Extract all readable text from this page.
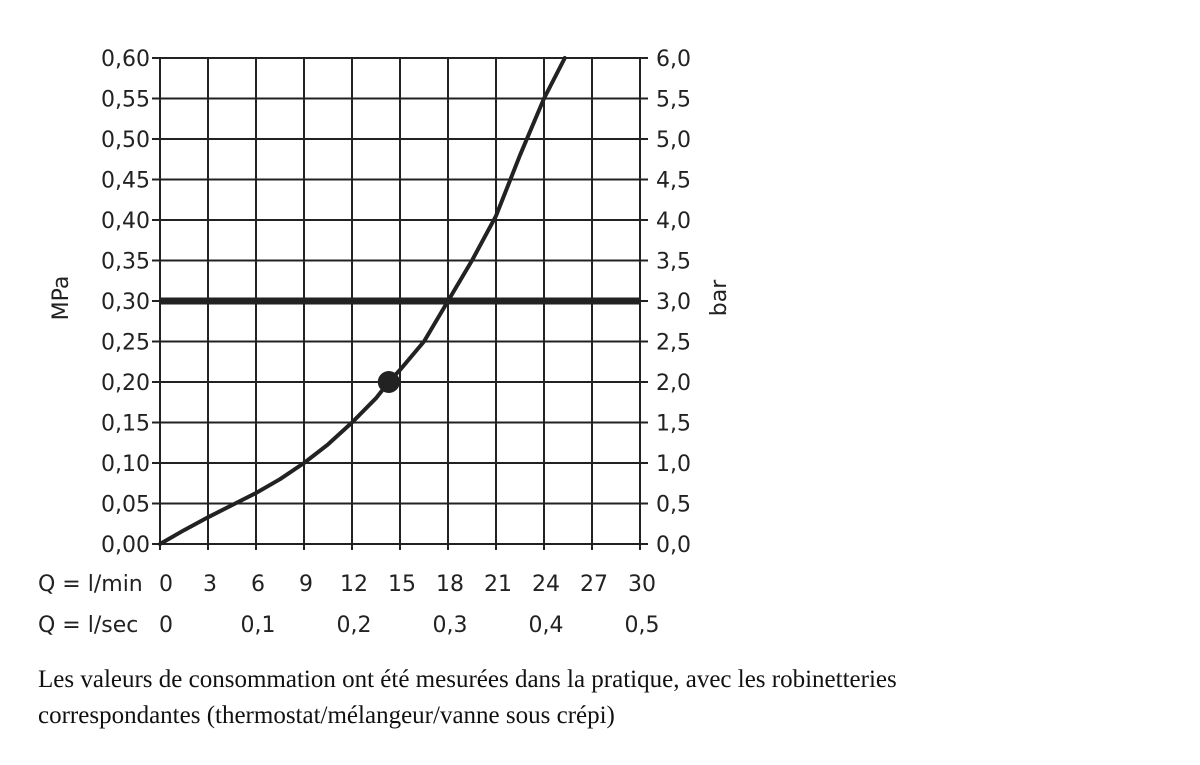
0,00
0,05
0,10
0,15
0,20
0,25
0,30
0,35
0,40
0,45
0,50
0,55
0,60
0,0
0,5
1,0
1,5
2,0
2,5
3,0
3,5
4,0
4,5
5,0
5,5
6,0
Q = l/min 0 3 6 9 12 15 18 21 24 27 30
Q = l/sec 0	0,1	0,2	0,3	0,4	0,5
MPa	bar
Les valeurs de consommation ont été mesurées dans la pratique, avec les robinetteries
correspondantes (thermostat/mélangeur/vanne sous crépi)
